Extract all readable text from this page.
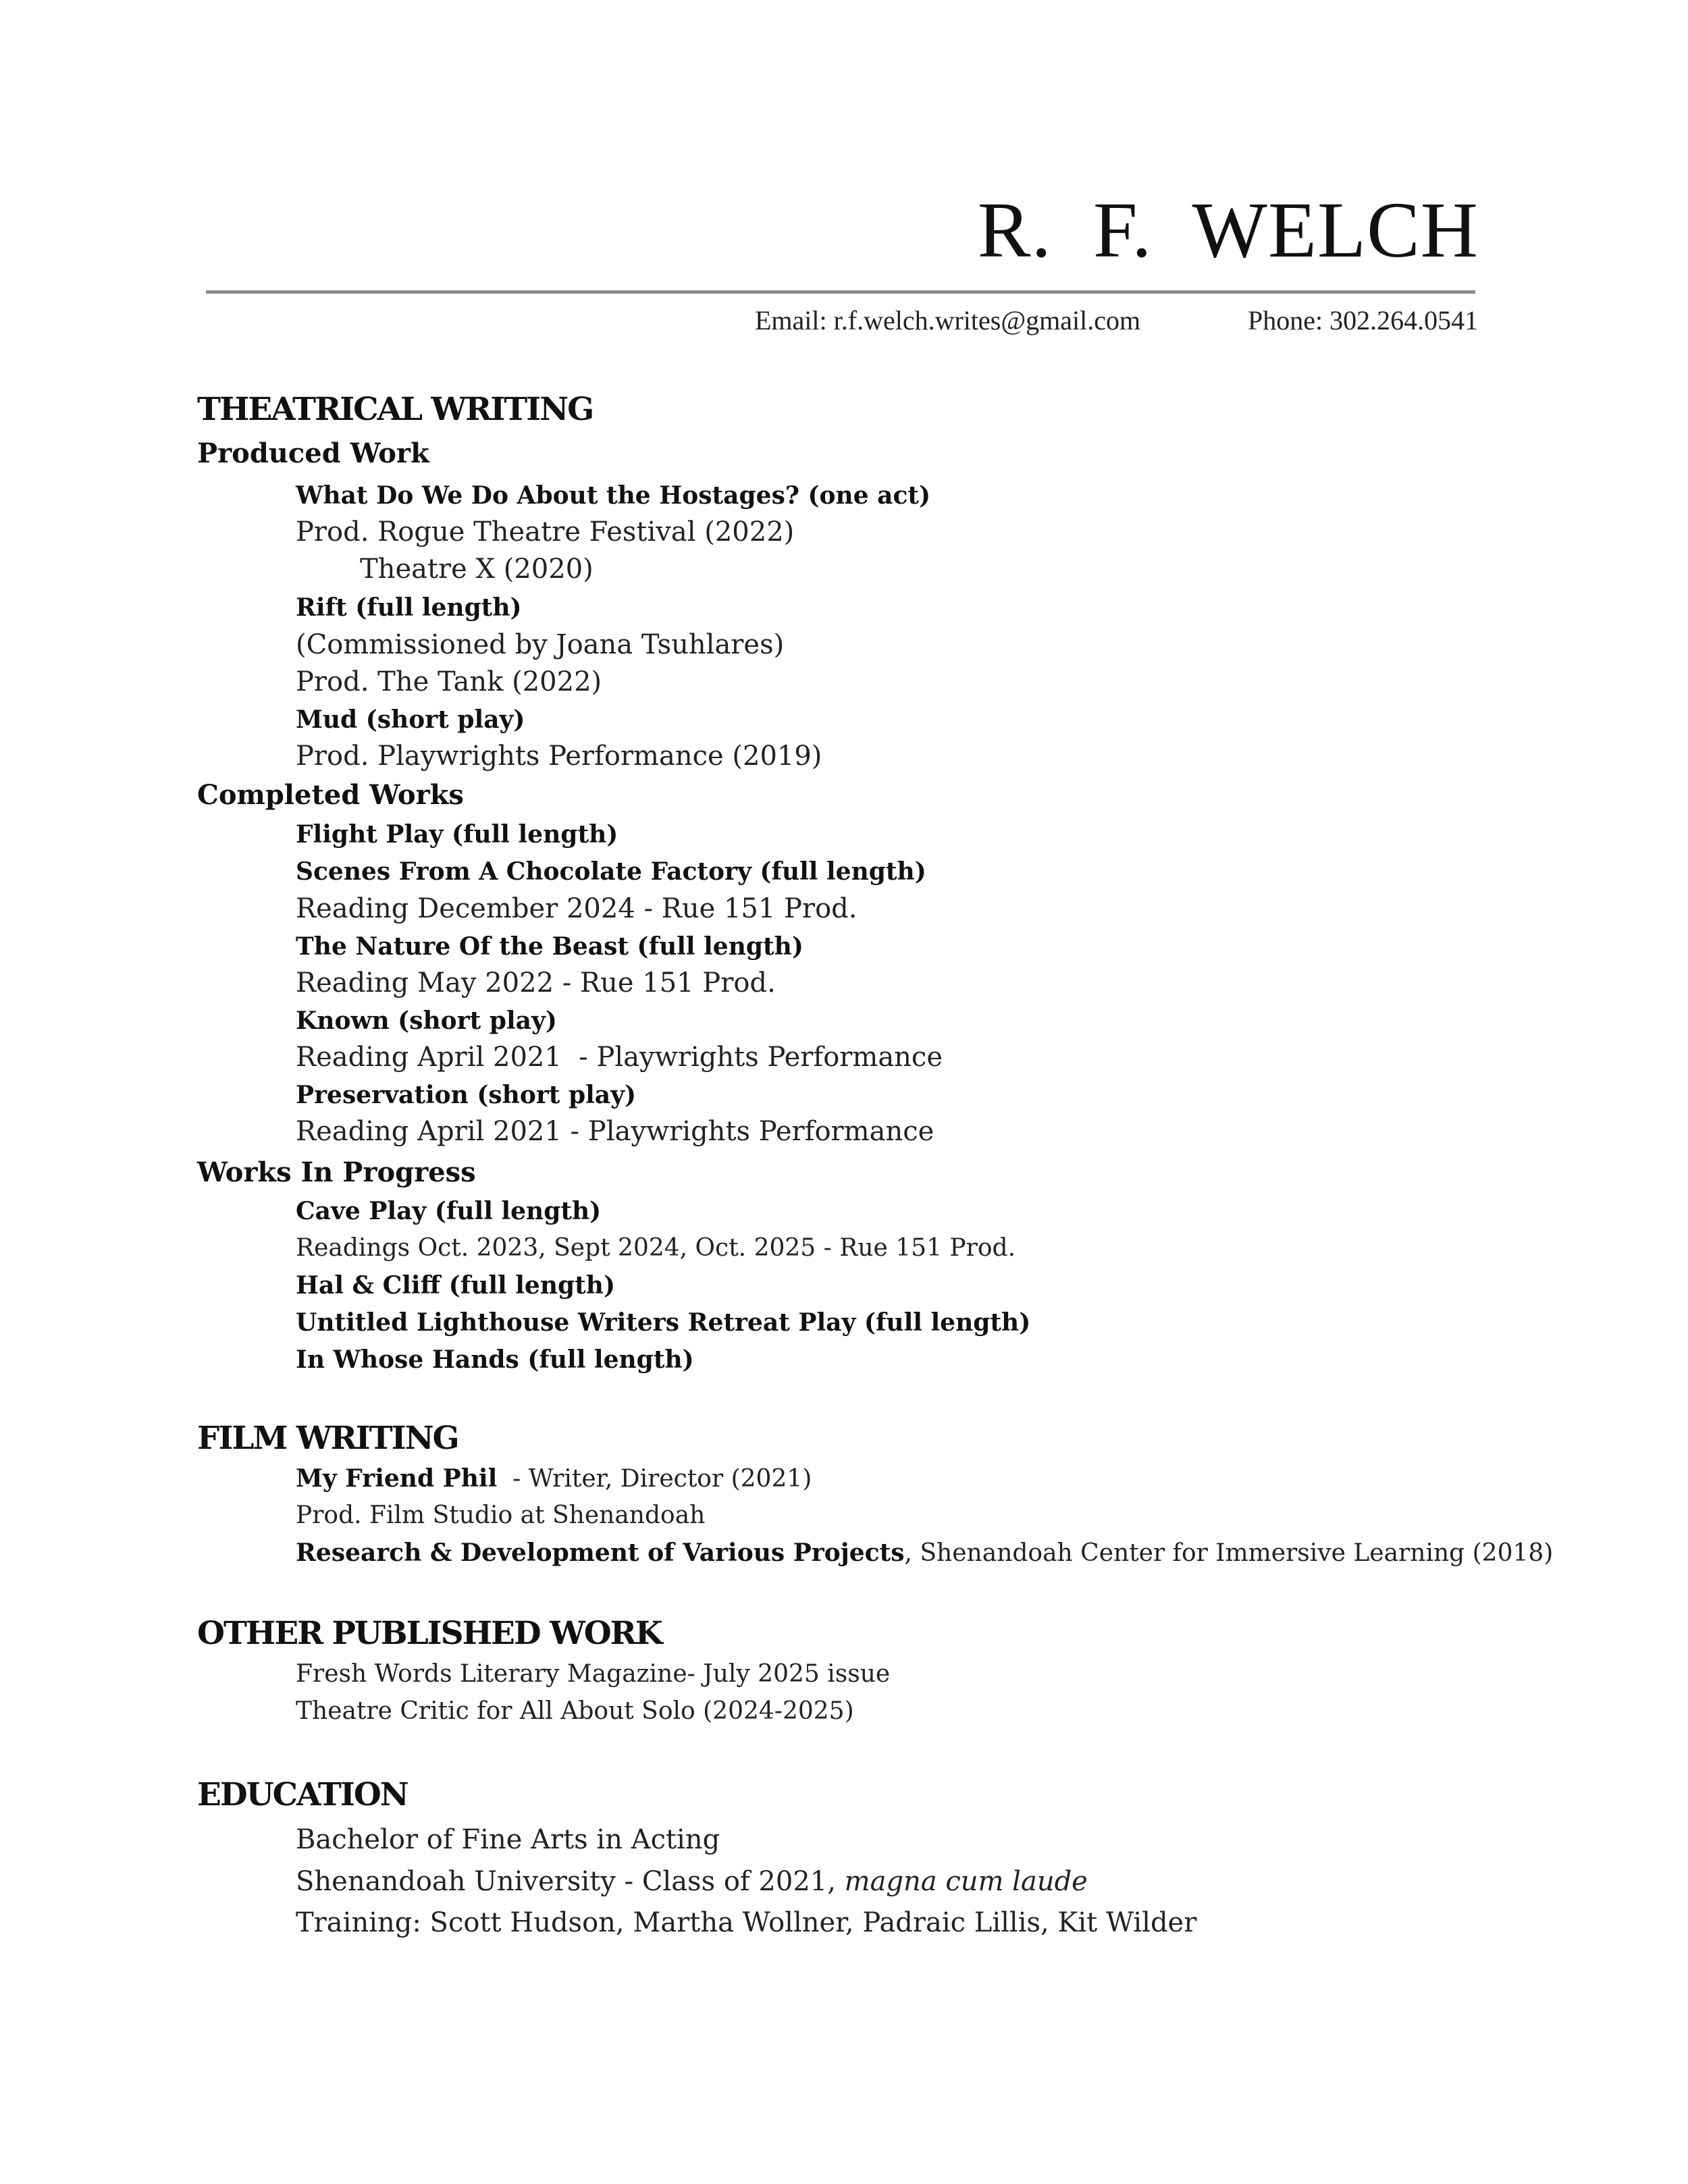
R.  F.  WELCH
Email: r.f.welch.writes@gmail.com	Phone: 302.264.0541
THEATRICAL WRITING
Produced Work
What Do We Do About the Hostages? (one act)
Prod. Rogue Theatre Festival (2022)
Theatre X (2020)
Rift (full length)
(Commissioned by Joana Tsuhlares)
Prod. The Tank (2022)
Mud (short play)
Prod. Playwrights Performance (2019)
Completed Works
Flight Play (full length)
Scenes From A Chocolate Factory (full length)
Reading December 2024 - Rue 151 Prod.
The Nature Of the Beast (full length)
Reading May 2022 - Rue 151 Prod.
Known (short play)
Reading April 2021  - Playwrights Performance
Preservation (short play)
Reading April 2021 - Playwrights Performance
Works In Progress
Cave Play (full length)
Readings Oct. 2023, Sept 2024, Oct. 2025 - Rue 151 Prod.
Hal & Cliff (full length)
Untitled Lighthouse Writers Retreat Play (full length)
In Whose Hands (full length)
FILM WRITING
My Friend Phil  - Writer, Director (2021)
Prod. Film Studio at Shenandoah
Research & Development of Various Projects, Shenandoah Center for Immersive Learning (2018)
OTHER PUBLISHED WORK
Fresh Words Literary Magazine- July 2025 issue
Theatre Critic for All About Solo (2024-2025)
EDUCATION
Bachelor of Fine Arts in Acting
Shenandoah University - Class of 2021, magna cum laude
Training: Scott Hudson, Martha Wollner, Padraic Lillis, Kit Wilder
